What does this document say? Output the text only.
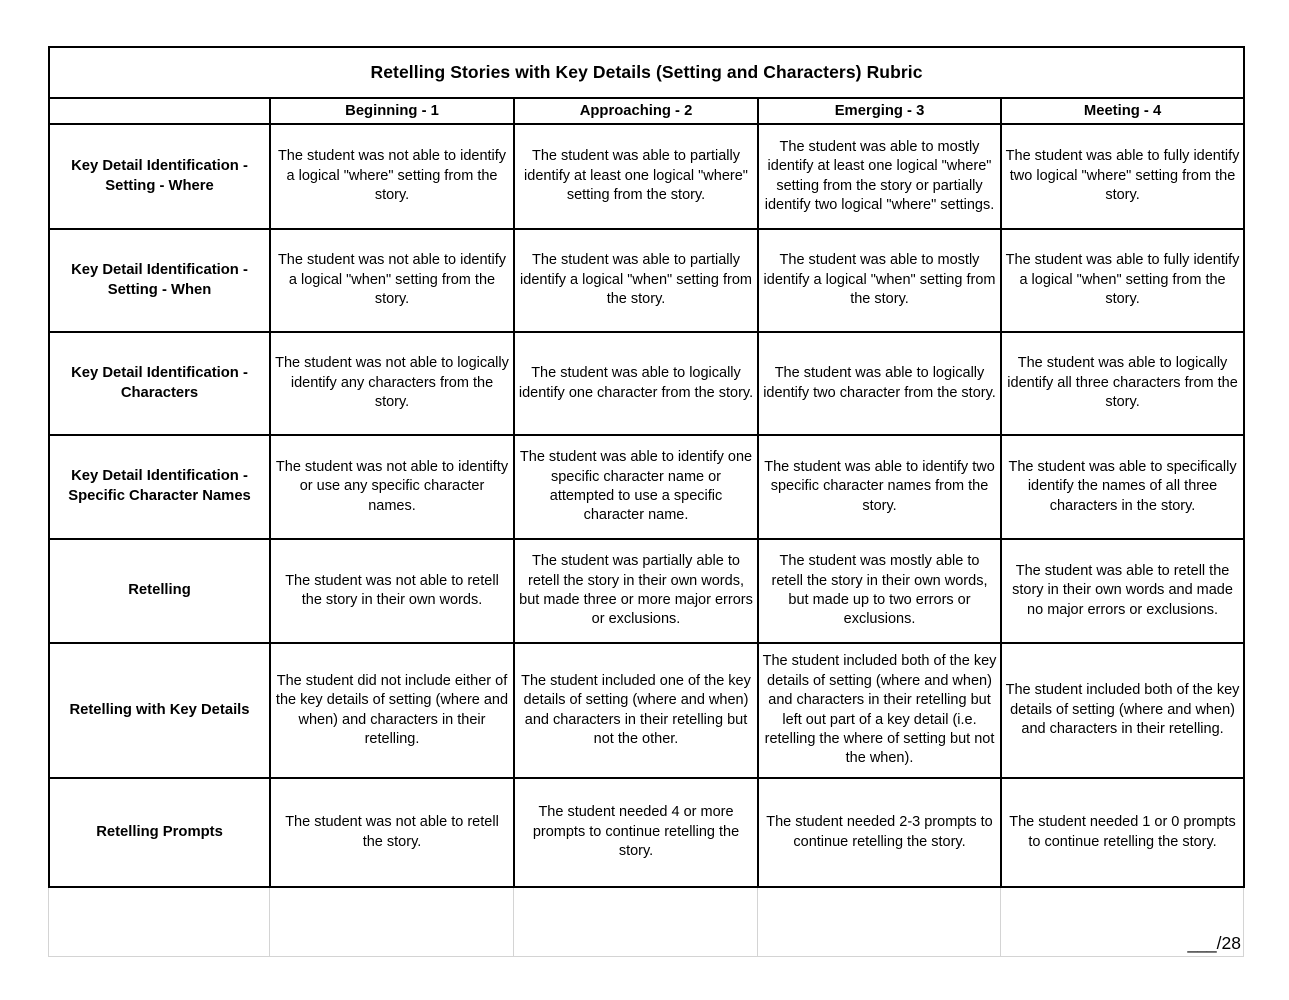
Retelling Stories with Key Details (Setting and Characters) Rubric				
	Beginning - 1	Approaching - 2	Emerging - 3	Meeting - 4
Key Detail Identification - Setting - Where	The student was not able to identify a logical "where" setting from the story.	The student was able to partially identify at least one logical "where" setting from the story.	The student was able to mostly identify at least one logical "where" setting from the story or partially identify two logical "where" settings.	The student was able to fully identify two logical "where" setting from the story.
Key Detail Identification - Setting - When	The student was not able to identify a logical "when" setting from the story.	The student was able to partially identify a logical "when" setting from the story.	The student was able to mostly identify a logical "when" setting from the story.	The student was able to fully identify a logical "when" setting from the story.
Key Detail Identification - Characters	The student was not able to logically identify any characters from the story.	The student was able to logically identify one character from the story.	The student was able to logically identify two character from the story.	The student was able to logically identify all three characters from the story.
Key Detail Identification - Specific Character Names	The student was not able to identifty or use any specific character names.	The student was able to identify one specific character name or attempted to use a specific character name.	The student was able to identify two specific character names from the story.	The student was able to specifically identify the names of all three characters in the story.
Retelling	The student was not able to retell the story in their own words.	The student was partially able to retell the story in their own words, but made three or more major errors or exclusions.	The student was mostly able to retell the story in their own words, but made up to two errors or exclusions.	The student was able to retell the story in their own words and made no major errors or exclusions.
Retelling with Key Details	The student did not include either of the key details of setting (where and when) and characters in their retelling.	The student included one of the key details of setting (where and when) and characters in their retelling but not the other.	The student included both of the key details of setting (where and when) and characters in their retelling but left out part of a key detail (i.e. retelling the where of setting but not the when).	The student included both of the key details of setting (where and when) and characters in their retelling.
Retelling Prompts	The student was not able to retell the story.	The student needed 4 or more prompts to continue retelling the story.	The student needed 2-3 prompts to continue retelling the story.	The student needed 1 or 0 prompts to continue retelling the story.
				___/28
